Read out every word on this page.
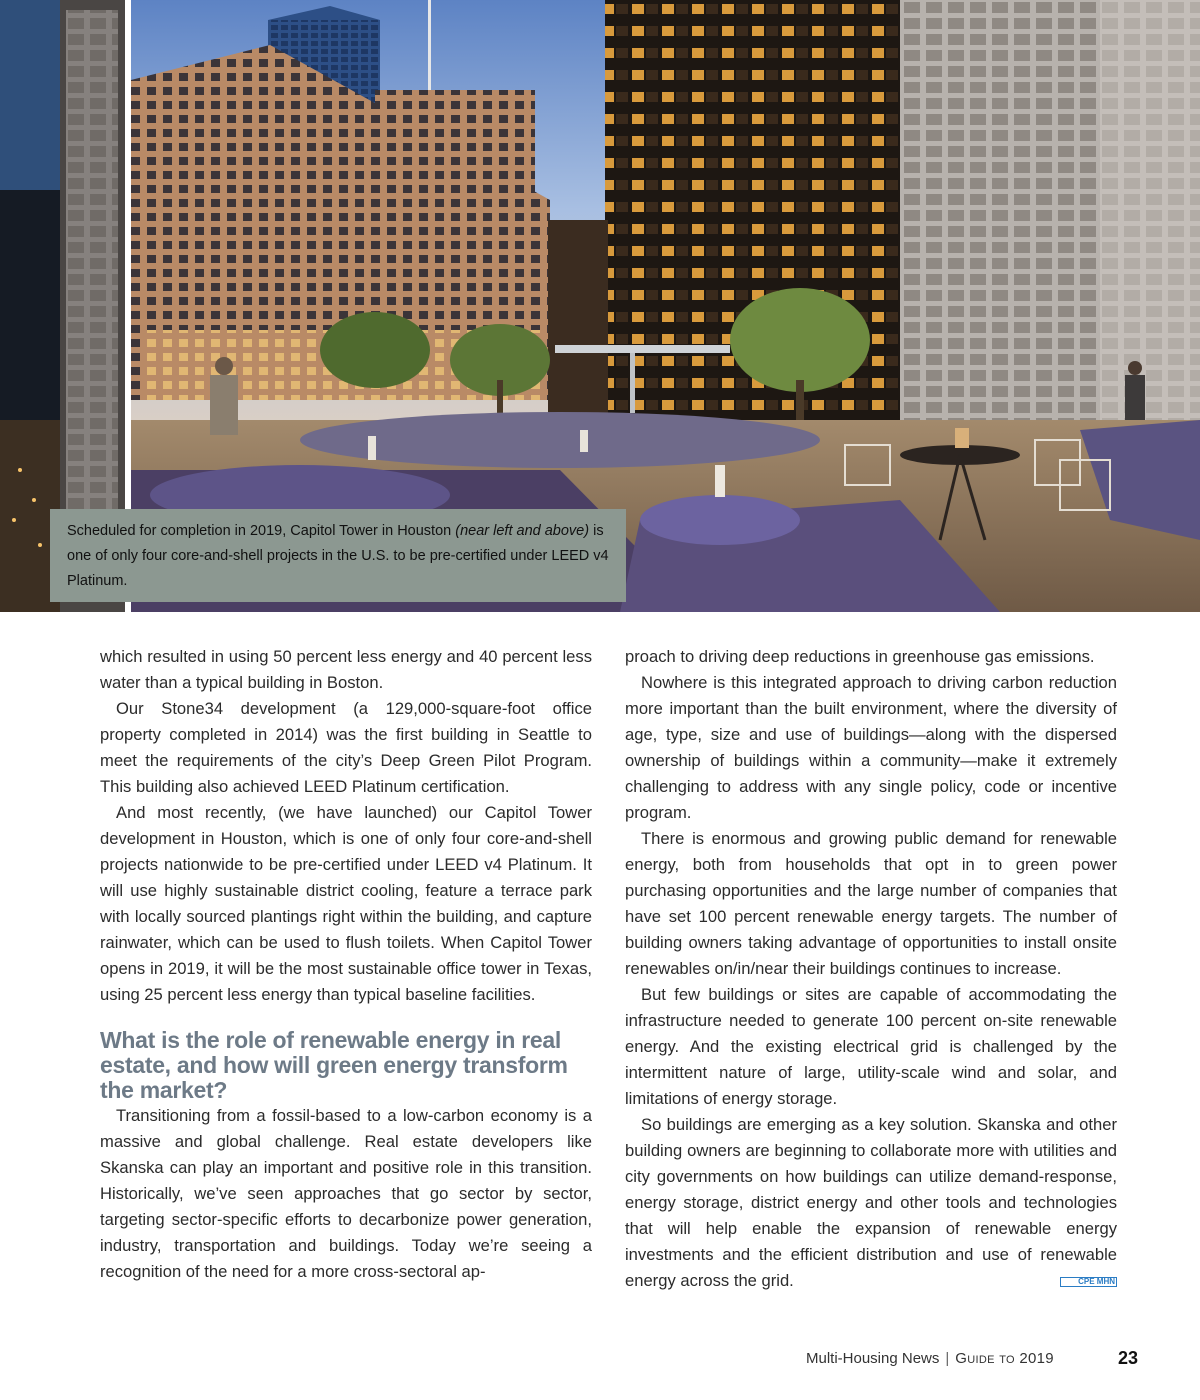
Scheduled for completion in 2019, Capitol Tower in Houston (near left and above) is one of only four core-and-shell projects in the U.S. to be pre-certified under LEED v4 Platinum.

which resulted in using 50 percent less energy and 40 percent less water than a typical building in Boston.

Our Stone34 development (a 129,000-square-foot office property completed in 2014) was the first building in Seattle to meet the requirements of the city’s Deep Green Pilot Program. This building also achieved LEED Platinum certification.

And most recently, (we have launched) our Capitol Tower development in Houston, which is one of only four core-and-shell projects nationwide to be pre-certified under LEED v4 Platinum. It will use highly sustainable district cooling, feature a terrace park with locally sourced plantings right within the building, and capture rainwater, which can be used to flush toilets. When Capitol Tower opens in 2019, it will be the most sustainable office tower in Texas, using 25 percent less energy than typical baseline facilities.

What is the role of renewable energy in real estate, and how will green energy transform the market?

Transitioning from a fossil-based to a low-carbon economy is a massive and global challenge. Real estate developers like Skanska can play an important and positive role in this transition. Historically, we’ve seen approaches that go sector by sector, targeting sector-specific efforts to decarbonize power generation, industry, transportation and buildings. Today we’re seeing a recognition of the need for a more cross-sectoral ap-

proach to driving deep reductions in greenhouse gas emissions.

Nowhere is this integrated approach to driving carbon reduction more important than the built environment, where the diversity of age, type, size and use of buildings—along with the dispersed ownership of buildings within a community—make it extremely challenging to address with any single policy, code or incentive program.

There is enormous and growing public demand for renewable energy, both from households that opt in to green power purchasing opportunities and the large number of companies that have set 100 percent renewable energy targets. The number of building owners taking advantage of opportunities to install onsite renewables on/in/near their buildings continues to increase.

But few buildings or sites are capable of accommodating the infrastructure needed to generate 100 percent on-site renewable energy. And the existing electrical grid is challenged by the intermittent nature of large, utility-scale wind and solar, and limitations of energy storage.

So buildings are emerging as a key solution. Skanska and other building owners are beginning to collaborate more with utilities and city governments on how buildings can utilize demand-response, energy storage, district energy and other tools and technologies that will help enable the expansion of renewable energy investments and the efficient distribution and use of renewable energy across the grid.	CPE MHN

Multi-Housing News | Guide to 2019	23
